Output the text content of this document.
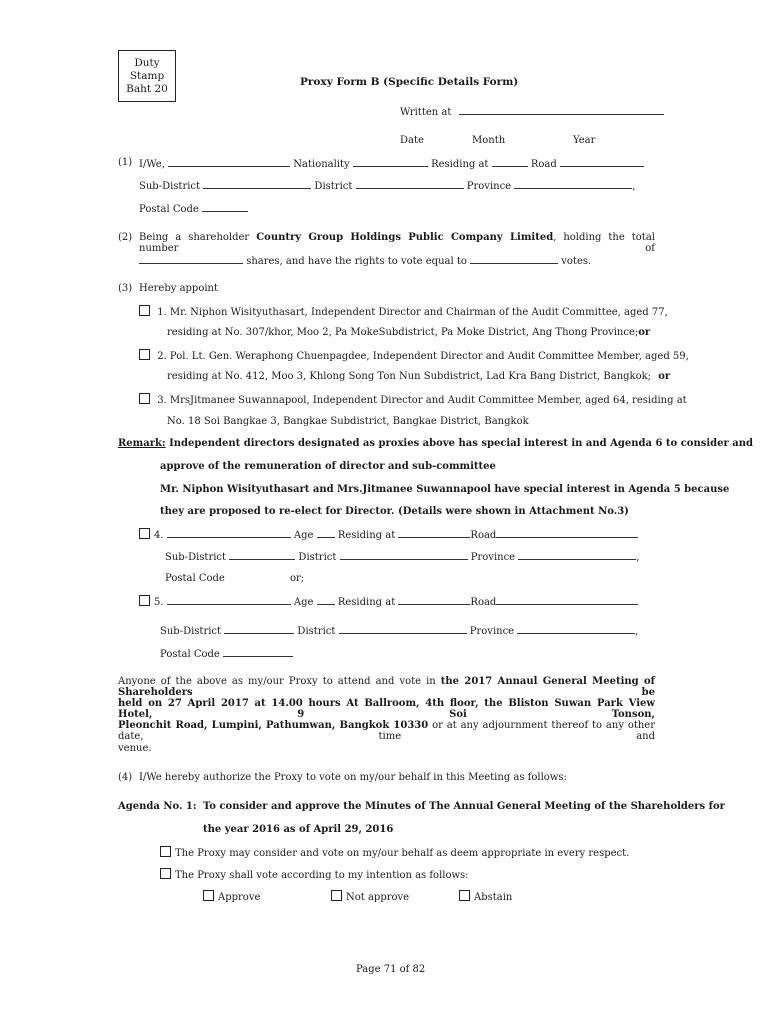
Duty
Stamp
Baht 20
Proxy Form B (Specific Details Form)
Written at
Date	Month	Year
(1) I/We,	Nationality	Residing at	Road
Sub-District	District	Province	,
Postal Code
(2) Being a shareholder Country Group Holdings Public Company Limited, holding the total number of
shares, and have the rights to vote equal to	votes.
(3) Hereby appoint
1. Mr. Niphon Wisityuthasart, Independent Director and Chairman of the Audit Committee, aged 77,
residing at No. 307/khor, Moo 2, Pa MokeSubdistrict, Pa Moke District, Ang Thong Province;or
2. Pol. Lt. Gen. Weraphong Chuenpagdee, Independent Director and Audit Committee Member, aged 59,
residing at No. 412, Moo 3, Khlong Song Ton Nun Subdistrict, Lad Kra Bang District, Bangkok; or
3. MrsJitmanee Suwannapool, Independent Director and Audit Committee Member, aged 64, residing at
No. 18 Soi Bangkae 3, Bangkae Subdistrict, Bangkae District, Bangkok
Remark: Independent directors designated as proxies above has special interest in and Agenda 6 to consider and
approve of the remuneration of director and sub-committee
Mr. Niphon Wisityuthasart and Mrs.Jitmanee Suwannapool have special interest in Agenda 5 because
they are proposed to re-elect for Director. (Details were shown in Attachment No.3)
4.	Age Residing at	Road
Sub-District	District	Province	,
Postal Code	or;
5.	Age Residing at	Road
Sub-District	District	Province	,
Postal Code
Anyone of the above as my/our Proxy to attend and vote in the 2017 Annaul General Meeting of Shareholders be
held on 27 April 2017 at 14.00 hours At Ballroom, 4th floor, the Bliston Suwan Park View Hotel, 9 Soi Tonson,
Pleonchit Road, Lumpini, Pathumwan, Bangkok 10330 or at any adjournment thereof to any other date, time and
venue.
(4) I/We hereby authorize the Proxy to vote on my/our behalf in this Meeting as follows:
Agenda No. 1: To consider and approve the Minutes of The Annual General Meeting of the Shareholders for
the year 2016 as of April 29, 2016
The Proxy may consider and vote on my/our behalf as deem appropriate in every respect.
The Proxy shall vote according to my intention as follows:
Approve	Not approve	Abstain
Page 71 of 82
